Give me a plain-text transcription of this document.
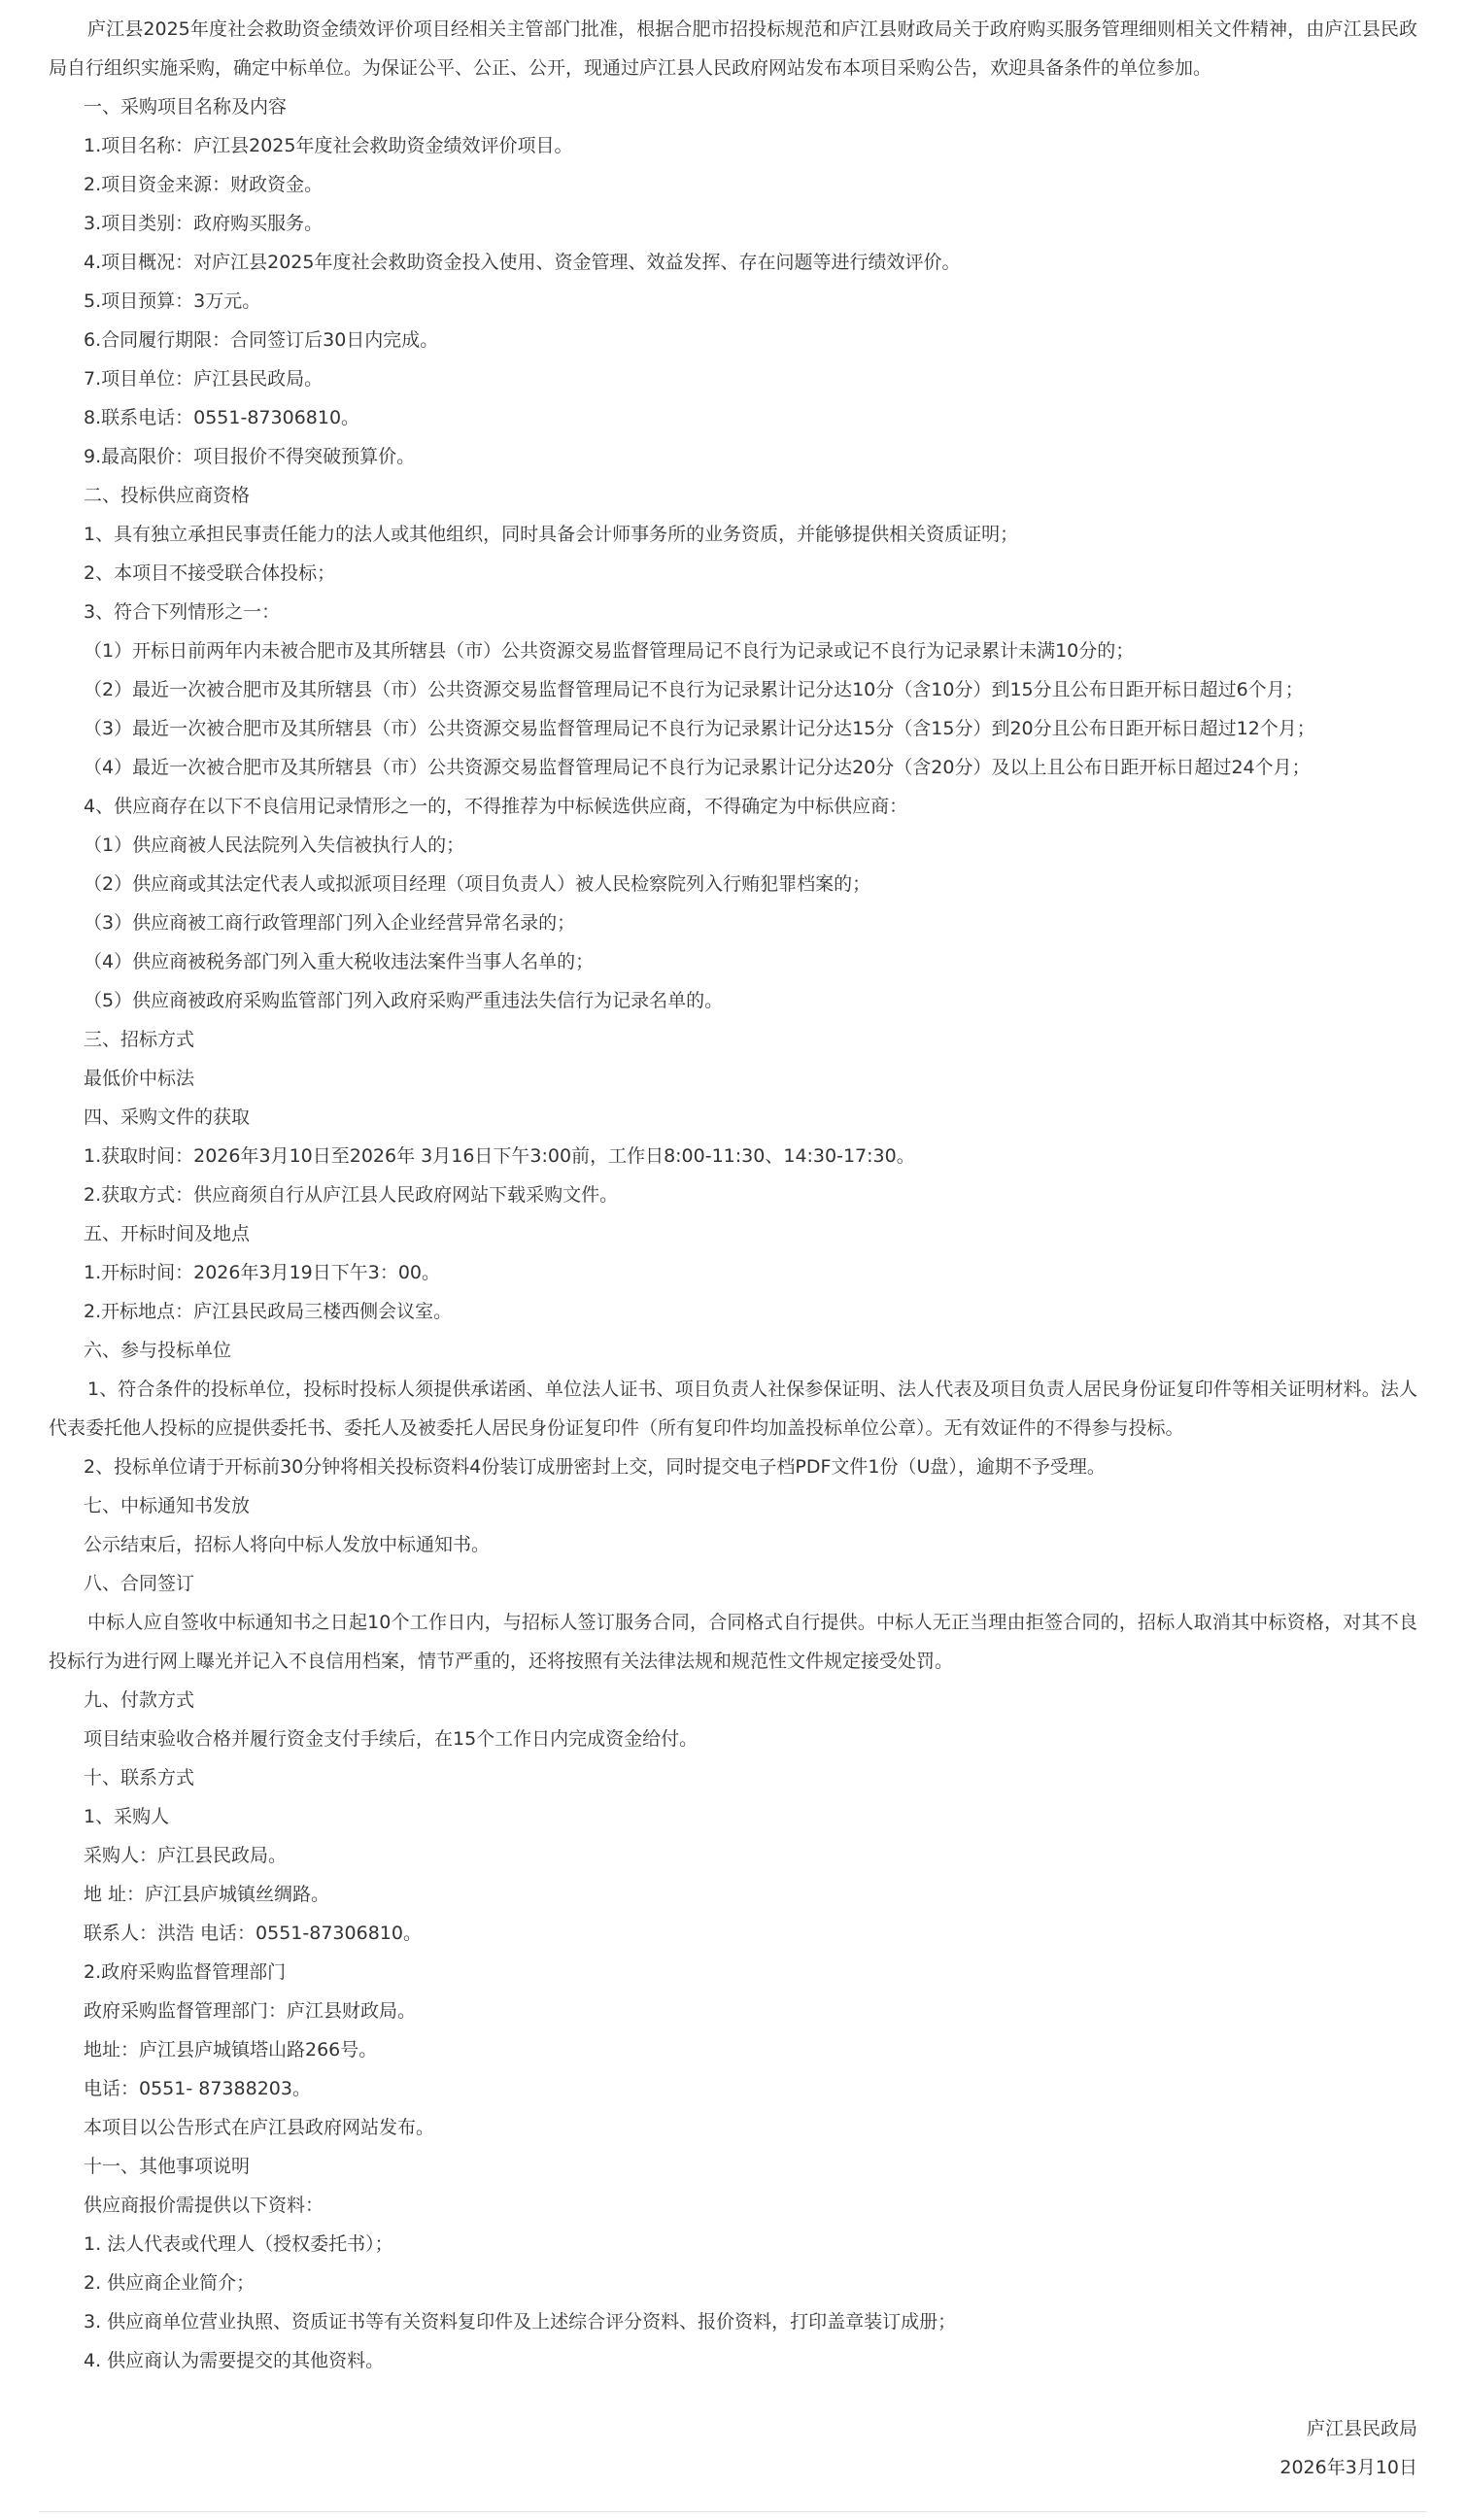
庐江县2025年度社会救助资金绩效评价项目经相关主管部门批准，根据合肥市招投标规范和庐江县财政局关于政府购买服务管理细则相关文件精神，由庐江县民政局自行组织实施采购，确定中标单位。为保证公平、公正、公开，现通过庐江县人民政府网站发布本项目采购公告，欢迎具备条件的单位参加。
一、采购项目名称及内容
1.项目名称：庐江县2025年度社会救助资金绩效评价项目。
2.项目资金来源：财政资金。
3.项目类别：政府购买服务。
4.项目概况：对庐江县2025年度社会救助资金投入使用、资金管理、效益发挥、存在问题等进行绩效评价。
5.项目预算：3万元。
6.合同履行期限：合同签订后30日内完成。
7.项目单位：庐江县民政局。
8.联系电话：0551-87306810。
9.最高限价：项目报价不得突破预算价。
二、投标供应商资格
1、具有独立承担民事责任能力的法人或其他组织，同时具备会计师事务所的业务资质，并能够提供相关资质证明；
2、本项目不接受联合体投标；
3、符合下列情形之一：
（1）开标日前两年内未被合肥市及其所辖县（市）公共资源交易监督管理局记不良行为记录或记不良行为记录累计未满10分的；
（2）最近一次被合肥市及其所辖县（市）公共资源交易监督管理局记不良行为记录累计记分达10分（含10分）到15分且公布日距开标日超过6个月；
（3）最近一次被合肥市及其所辖县（市）公共资源交易监督管理局记不良行为记录累计记分达15分（含15分）到20分且公布日距开标日超过12个月；
（4）最近一次被合肥市及其所辖县（市）公共资源交易监督管理局记不良行为记录累计记分达20分（含20分）及以上且公布日距开标日超过24个月；
4、供应商存在以下不良信用记录情形之一的，不得推荐为中标候选供应商，不得确定为中标供应商：
（1）供应商被人民法院列入失信被执行人的；
（2）供应商或其法定代表人或拟派项目经理（项目负责人）被人民检察院列入行贿犯罪档案的；
（3）供应商被工商行政管理部门列入企业经营异常名录的；
（4）供应商被税务部门列入重大税收违法案件当事人名单的；
（5）供应商被政府采购监管部门列入政府采购严重违法失信行为记录名单的。
三、招标方式
最低价中标法
四、采购文件的获取
1.获取时间：2026年3月10日至2026年 3月16日下午3:00前，工作日8:00-11:30、14:30-17:30。
2.获取方式：供应商须自行从庐江县人民政府网站下载采购文件。
五、开标时间及地点
1.开标时间：2026年3月19日下午3：00。
2.开标地点：庐江县民政局三楼西侧会议室。
六、参与投标单位
1、符合条件的投标单位，投标时投标人须提供承诺函、单位法人证书、项目负责人社保参保证明、法人代表及项目负责人居民身份证复印件等相关证明材料。法人代表委托他人投标的应提供委托书、委托人及被委托人居民身份证复印件（所有复印件均加盖投标单位公章）。无有效证件的不得参与投标。
2、投标单位请于开标前30分钟将相关投标资料4份装订成册密封上交，同时提交电子档PDF文件1份（U盘），逾期不予受理。
七、中标通知书发放
公示结束后，招标人将向中标人发放中标通知书。
八、合同签订
中标人应自签收中标通知书之日起10个工作日内，与招标人签订服务合同，合同格式自行提供。中标人无正当理由拒签合同的，招标人取消其中标资格，对其不良投标行为进行网上曝光并记入不良信用档案，情节严重的，还将按照有关法律法规和规范性文件规定接受处罚。
九、付款方式
项目结束验收合格并履行资金支付手续后，在15个工作日内完成资金给付。
十、联系方式
1、采购人
采购人：庐江县民政局。
地 址：庐江县庐城镇丝绸路。
联系人：洪浩 电话：0551-87306810。
2.政府采购监督管理部门
政府采购监督管理部门：庐江县财政局。
地址：庐江县庐城镇塔山路266号。
电话：0551- 87388203。
本项目以公告形式在庐江县政府网站发布。
十一、其他事项说明
供应商报价需提供以下资料：
1. 法人代表或代理人（授权委托书）；
2. 供应商企业简介；
3. 供应商单位营业执照、资质证书等有关资料复印件及上述综合评分资料、报价资料，打印盖章装订成册；
4. 供应商认为需要提交的其他资料。
庐江县民政局
2026年3月10日
